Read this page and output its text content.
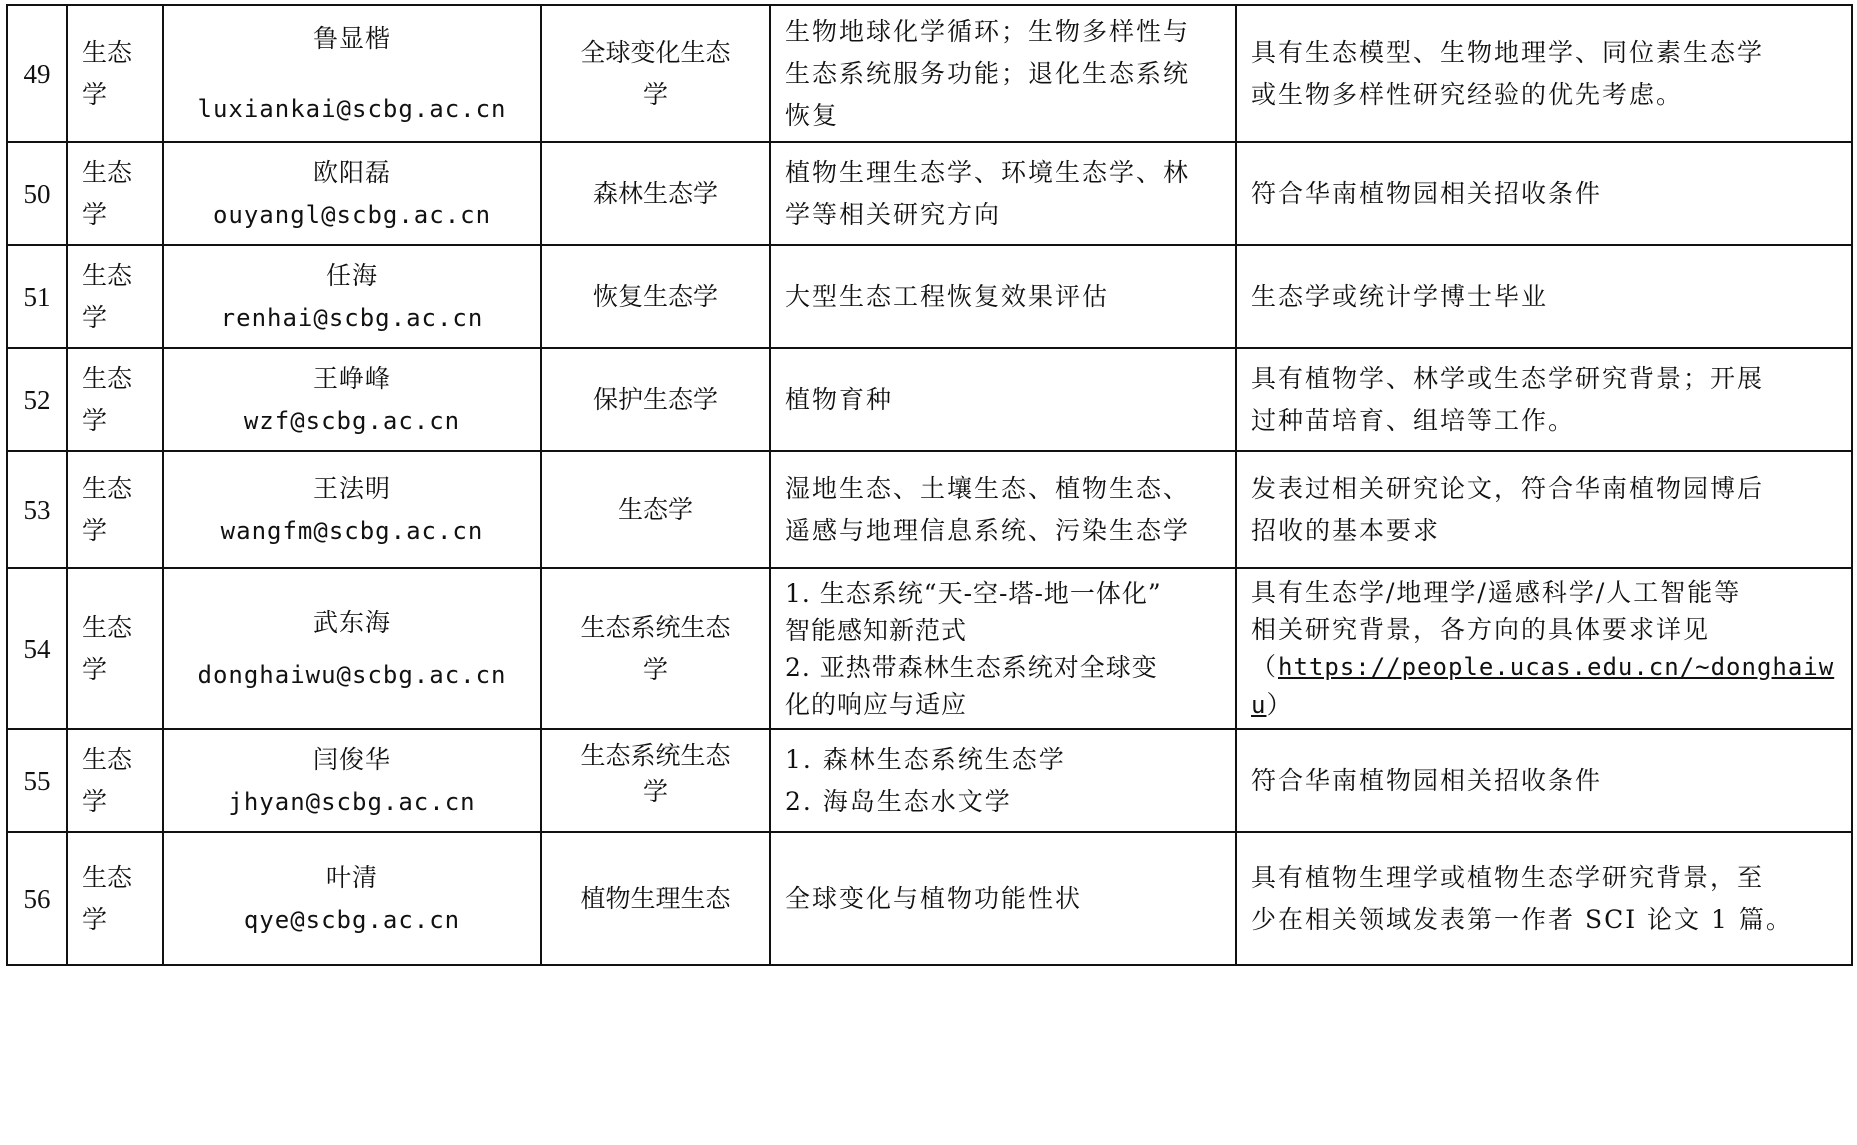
49	生态学	鲁显楷
luxiankai@scbg.ac.cn	全球变化生态
学	生物地球化学循环；生物多样性与
生态系统服务功能；退化生态系统
恢复	具有生态模型、生物地理学、同位素生态学
或生物多样性研究经验的优先考虑。

50	生态学	欧阳磊
ouyangl@scbg.ac.cn	森林生态学	植物生理生态学、环境生态学、林
学等相关研究方向	符合华南植物园相关招收条件

51	生态学	任海
renhai@scbg.ac.cn	恢复生态学	大型生态工程恢复效果评估	生态学或统计学博士毕业

52	生态学	王峥峰
wzf@scbg.ac.cn	保护生态学	植物育种	具有植物学、林学或生态学研究背景；开展
过种苗培育、组培等工作。

53	生态学	王法明
wangfm@scbg.ac.cn	生态学	湿地生态、土壤生态、植物生态、
遥感与地理信息系统、污染生态学	发表过相关研究论文，符合华南植物园博后
招收的基本要求

54	生态学	武东海
donghaiwu@scbg.ac.cn	生态系统生态
学	1. 生态系统“天-空-塔-地一体化”
智能感知新范式
2. 亚热带森林生态系统对全球变
化的响应与适应	具有生态学/地理学/遥感科学/人工智能等
相关研究背景，各方向的具体要求详见
（https://people.ucas.edu.cn/~donghaiwu）

55	生态学	闫俊华
jhyan@scbg.ac.cn	生态系统生态
学	1. 森林生态系统生态学
2. 海岛生态水文学	符合华南植物园相关招收条件

56	生态学	叶清
qye@scbg.ac.cn	植物生理生态	全球变化与植物功能性状	具有植物生理学或植物生态学研究背景，至
少在相关领域发表第一作者 SCI 论文 1 篇。
